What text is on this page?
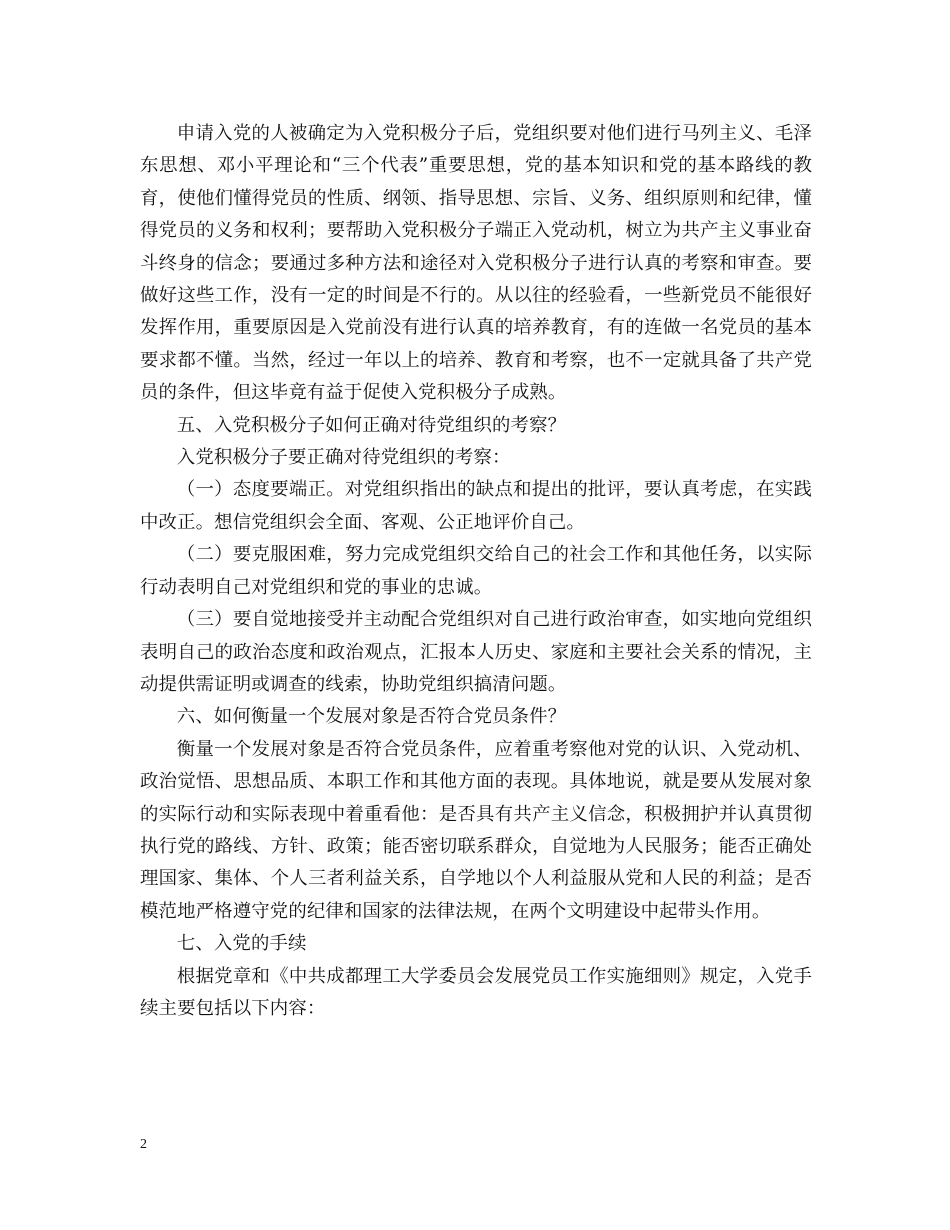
申请入党的人被确定为入党积极分子后，党组织要对他们进行马列主义、毛泽东思想、邓小平理论和“三个代表”重要思想，党的基本知识和党的基本路线的教育，使他们懂得党员的性质、纲领、指导思想、宗旨、义务、组织原则和纪律，懂得党员的义务和权利；要帮助入党积极分子端正入党动机，树立为共产主义事业奋斗终身的信念；要通过多种方法和途径对入党积极分子进行认真的考察和审查。要做好这些工作，没有一定的时间是不行的。从以往的经验看，一些新党员不能很好发挥作用，重要原因是入党前没有进行认真的培养教育，有的连做一名党员的基本要求都不懂。当然，经过一年以上的培养、教育和考察，也不一定就具备了共产党员的条件，但这毕竟有益于促使入党积极分子成熟。

五、入党积极分子如何正确对待党组织的考察？

入党积极分子要正确对待党组织的考察：

（一）态度要端正。对党组织指出的缺点和提出的批评，要认真考虑，在实践中改正。想信党组织会全面、客观、公正地评价自己。

（二）要克服困难，努力完成党组织交给自己的社会工作和其他任务，以实际行动表明自己对党组织和党的事业的忠诚。

（三）要自觉地接受并主动配合党组织对自己进行政治审查，如实地向党组织表明自己的政治态度和政治观点，汇报本人历史、家庭和主要社会关系的情况，主动提供需证明或调查的线索，协助党组织搞清问题。

六、如何衡量一个发展对象是否符合党员条件？

衡量一个发展对象是否符合党员条件，应着重考察他对党的认识、入党动机、政治觉悟、思想品质、本职工作和其他方面的表现。具体地说，就是要从发展对象的实际行动和实际表现中着重看他：是否具有共产主义信念，积极拥护并认真贯彻执行党的路线、方针、政策；能否密切联系群众，自觉地为人民服务；能否正确处理国家、集体、个人三者利益关系，自学地以个人利益服从党和人民的利益；是否模范地严格遵守党的纪律和国家的法律法规，在两个文明建设中起带头作用。

七、入党的手续

根据党章和《中共成都理工大学委员会发展党员工作实施细则》规定，入党手续主要包括以下内容：

2
